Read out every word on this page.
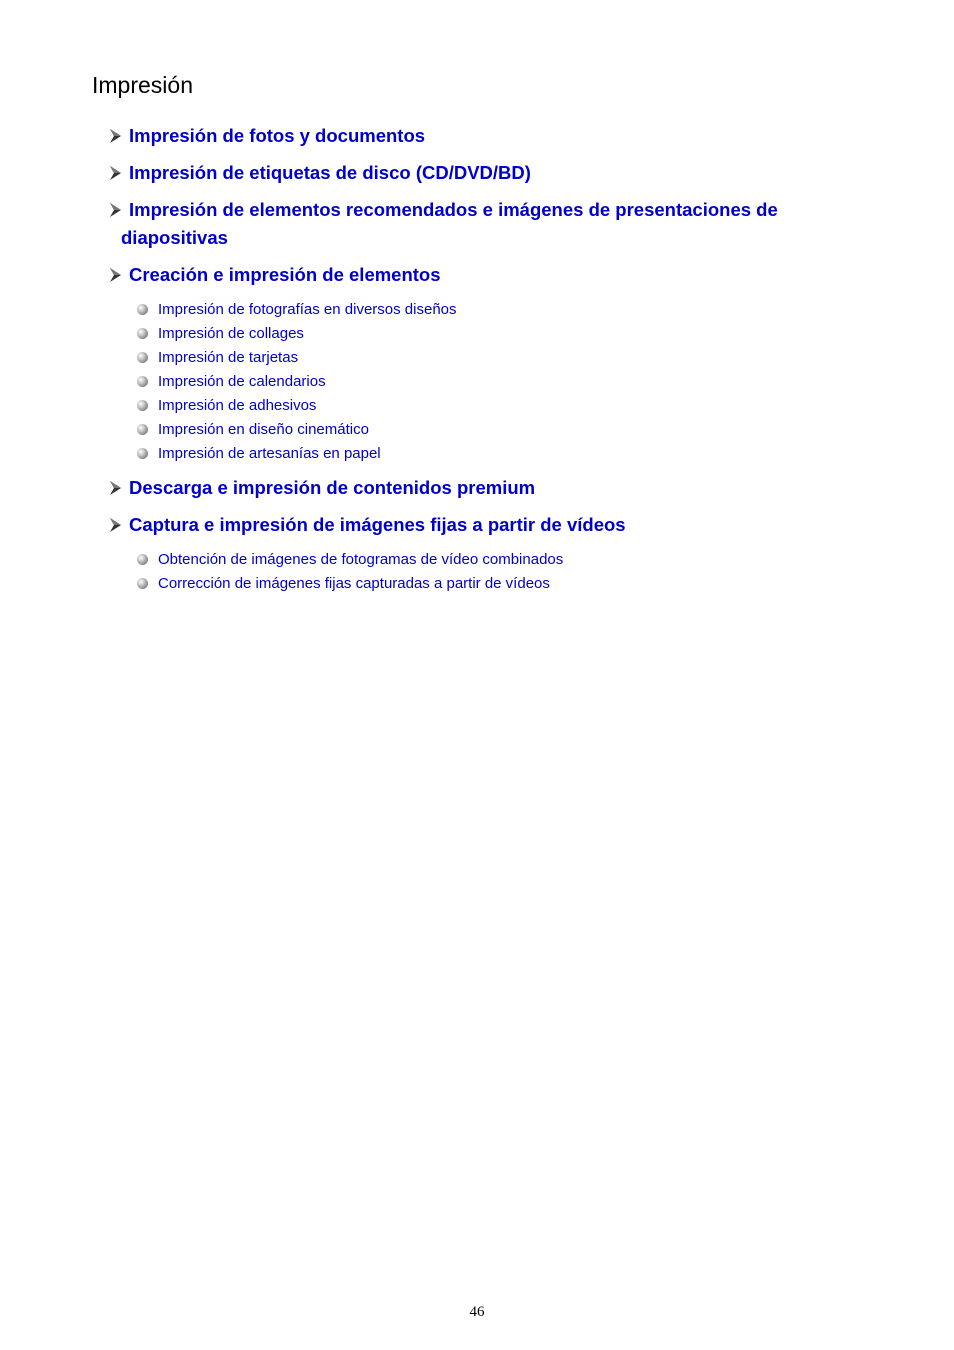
Impresión
Impresión de fotos y documentos
Impresión de etiquetas de disco (CD/DVD/BD)
Impresión de elementos recomendados e imágenes de presentaciones de
diapositivas
Creación e impresión de elementos
Impresión de fotografías en diversos diseños
Impresión de collages
Impresión de tarjetas
Impresión de calendarios
Impresión de adhesivos
Impresión en diseño cinemático
Impresión de artesanías en papel
Descarga e impresión de contenidos premium
Captura e impresión de imágenes fijas a partir de vídeos
Obtención de imágenes de fotogramas de vídeo combinados
Corrección de imágenes fijas capturadas a partir de vídeos
46
